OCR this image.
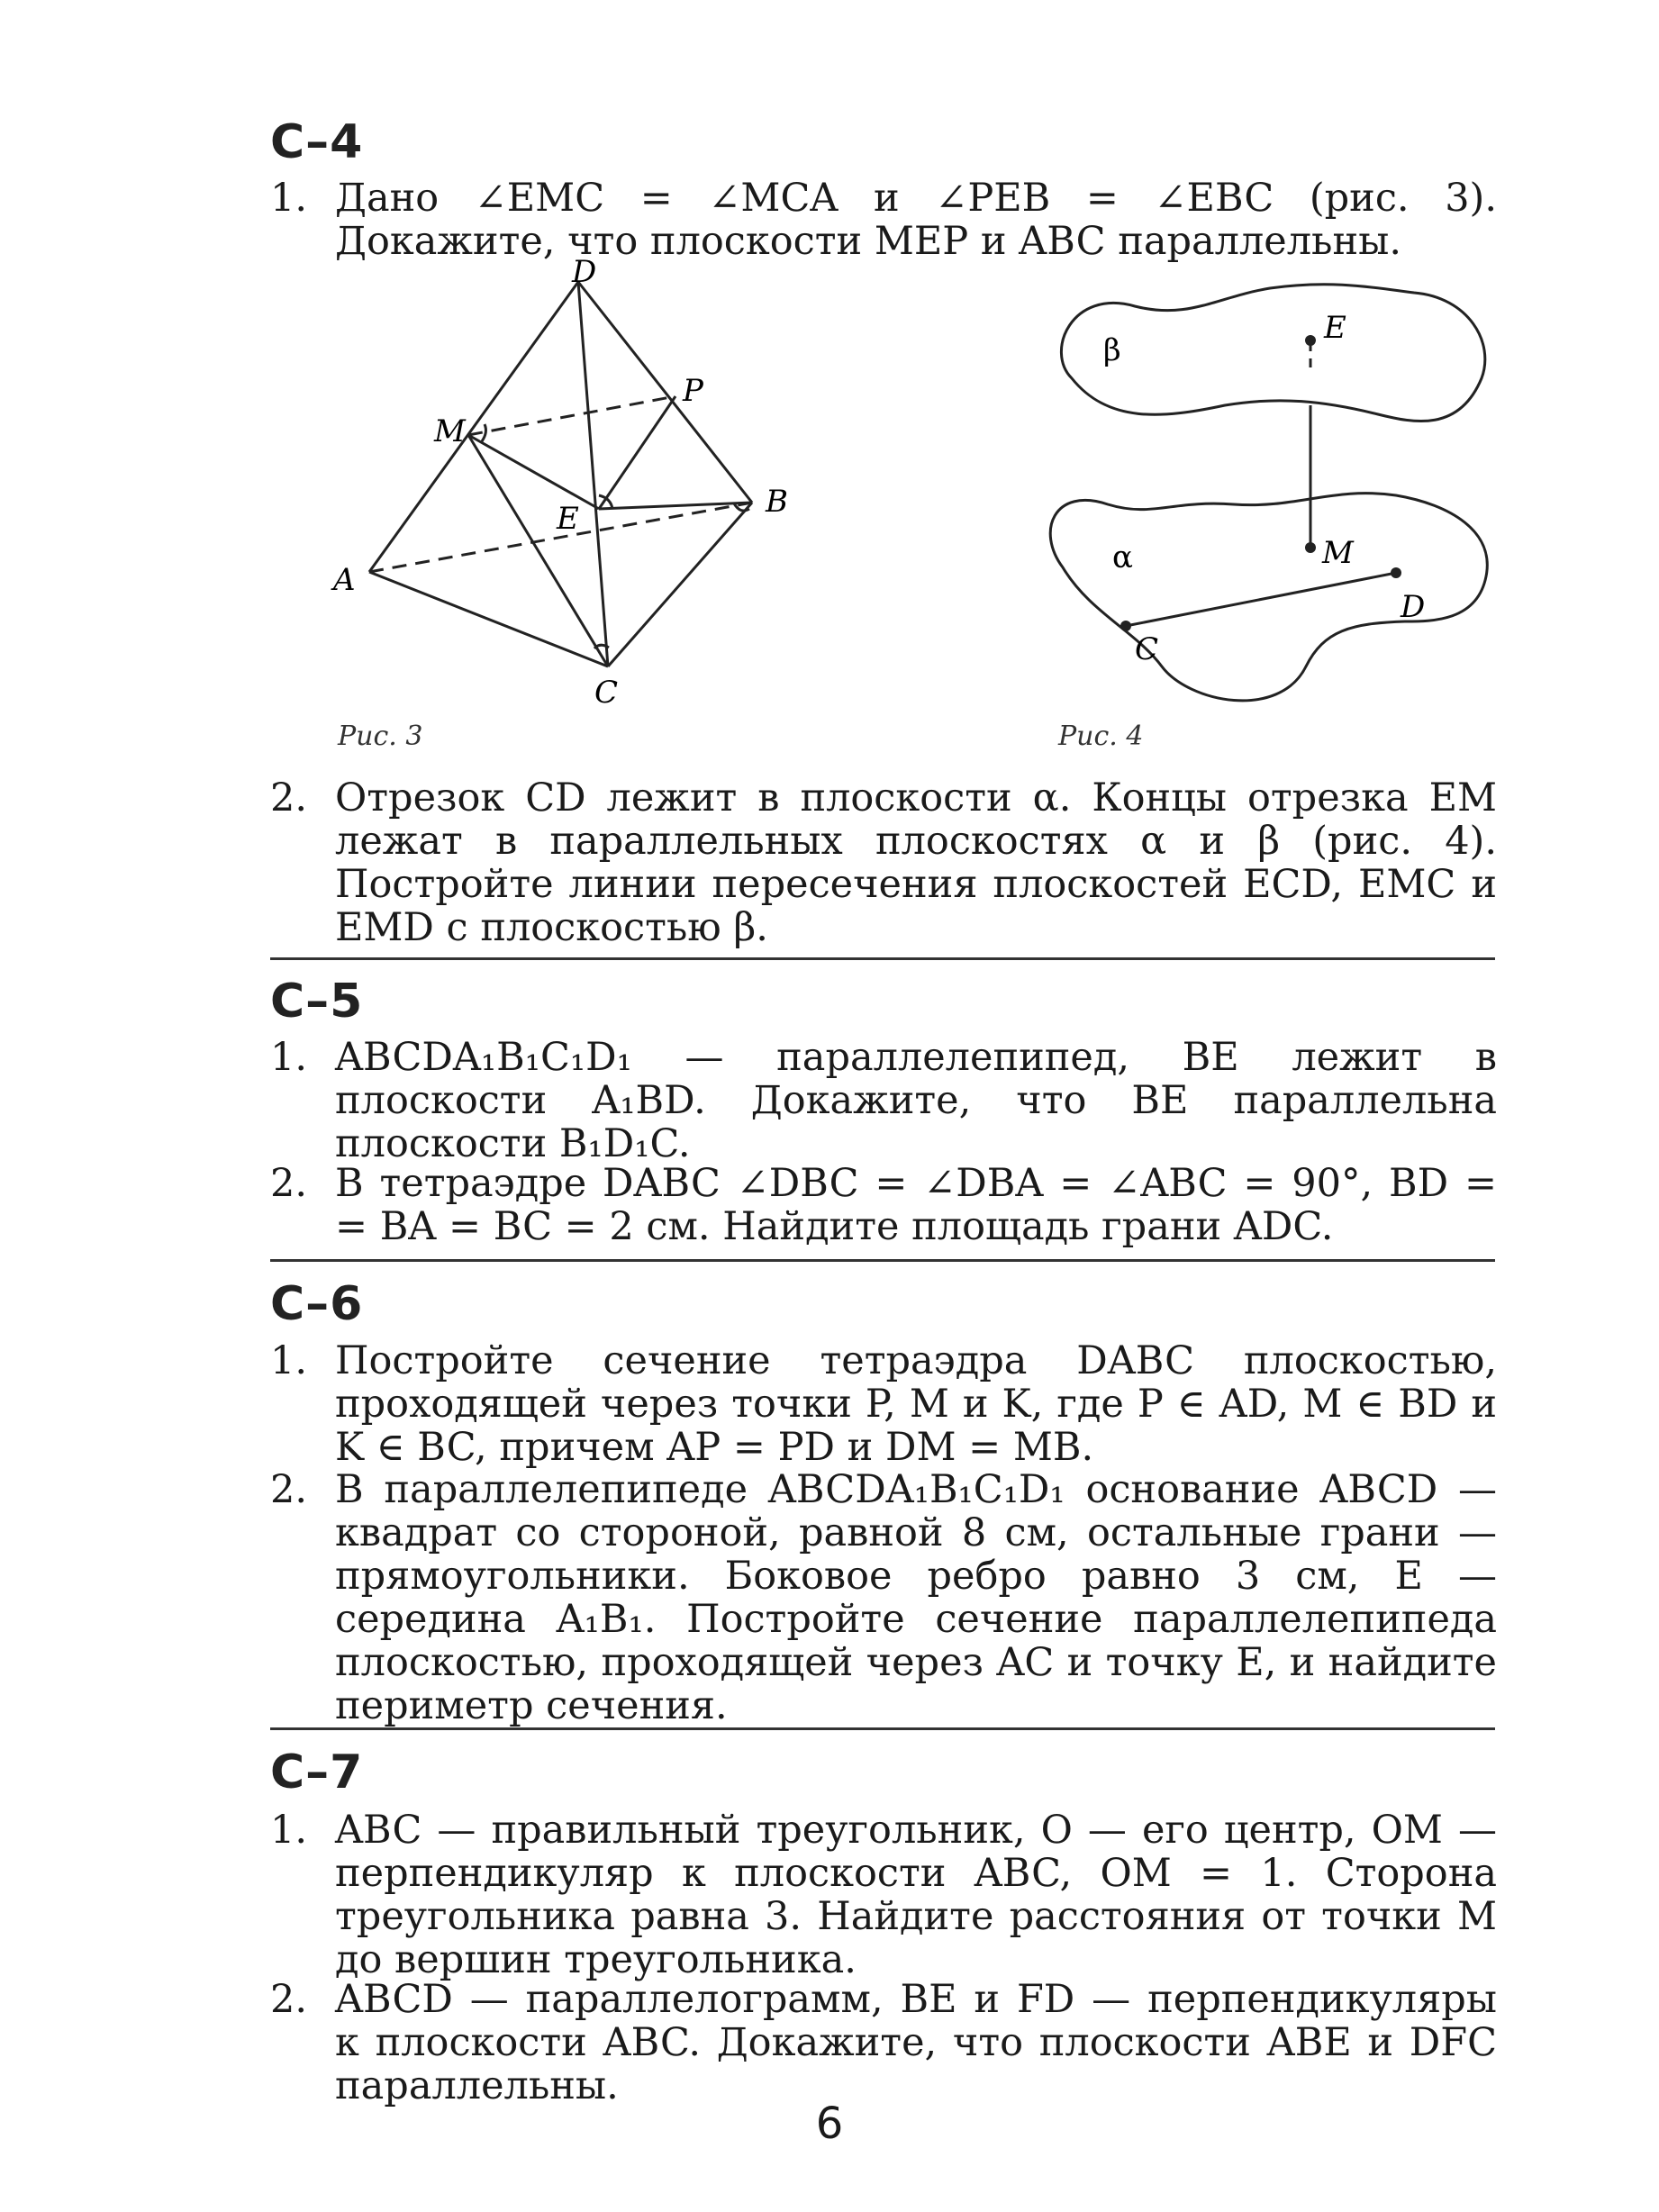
С–4
1. Дано ∠EMC = ∠MCA и ∠PEB = ∠EBC (рис. 3). Докажите, что плоскости MEP и ABC параллельны.
D
P
M
E	B
A
C
Рис. 3
β
E
α	M
D
C
Рис. 4
2. Отрезок CD лежит в плоскости α. Концы отрезка EM лежат в параллельных плоскостях α и β (рис. 4). Постройте линии пересечения плоскостей ECD, EMC и EMD с плоскостью β.
С–5
1. ABCDA₁B₁C₁D₁ — параллелепипед, BE лежит в плоскости A₁BD. Докажите, что BE параллельна плоскости B₁D₁C.
2. В тетраэдре DABC ∠DBC = ∠DBA = ∠ABC = 90°, BD = = BA = BC = 2 см. Найдите площадь грани ADC.
С–6
1. Постройте сечение тетраэдра DABC плоскостью, проходящей через точки P, M и K, где P ∈ AD, M ∈ BD и K ∈ BC, причем AP = PD и DM = MB.
2. В параллелепипеде ABCDA₁B₁C₁D₁ основание ABCD — квадрат со стороной, равной 8 см, остальные грани — прямоугольники. Боковое ребро равно 3 см, E — середина A₁B₁. Постройте сечение параллелепипеда плоскостью, проходящей через AC и точку E, и найдите периметр сечения.
С–7
1. ABC — правильный треугольник, O — его центр, OM — перпендикуляр к плоскости ABC, OM = 1. Сторона треугольника равна 3. Найдите расстояния от точки M до вершин треугольника.
2. ABCD — параллелограмм, BE и FD — перпендикуляры к плоскости ABC. Докажите, что плоскости ABE и DFC параллельны.
6
